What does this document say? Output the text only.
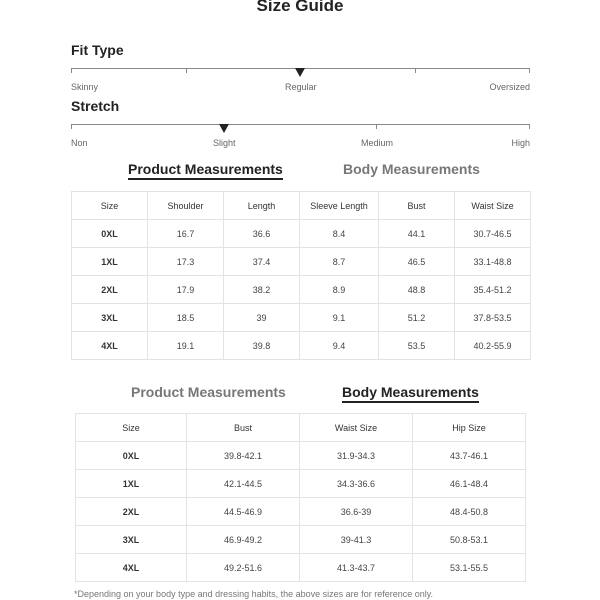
Size Guide
Fit Type
Skinny	Regular	Oversized
Stretch
Non	Slight	Medium	High
Product Measurements	Body Measurements
Size	Shoulder	Length	Sleeve Length	Bust	Waist Size
0XL	16.7	36.6	8.4	44.1	30.7-46.5
1XL	17.3	37.4	8.7	46.5	33.1-48.8
2XL	17.9	38.2	8.9	48.8	35.4-51.2
3XL	18.5	39	9.1	51.2	37.8-53.5
4XL	19.1	39.8	9.4	53.5	40.2-55.9
Product Measurements	Body Measurements
Size	Bust	Waist Size	Hip Size
0XL	39.8-42.1	31.9-34.3	43.7-46.1
1XL	42.1-44.5	34.3-36.6	46.1-48.4
2XL	44.5-46.9	36.6-39	48.4-50.8
3XL	46.9-49.2	39-41.3	50.8-53.1
4XL	49.2-51.6	41.3-43.7	53.1-55.5
*Depending on your body type and dressing habits, the above sizes are for reference only.
